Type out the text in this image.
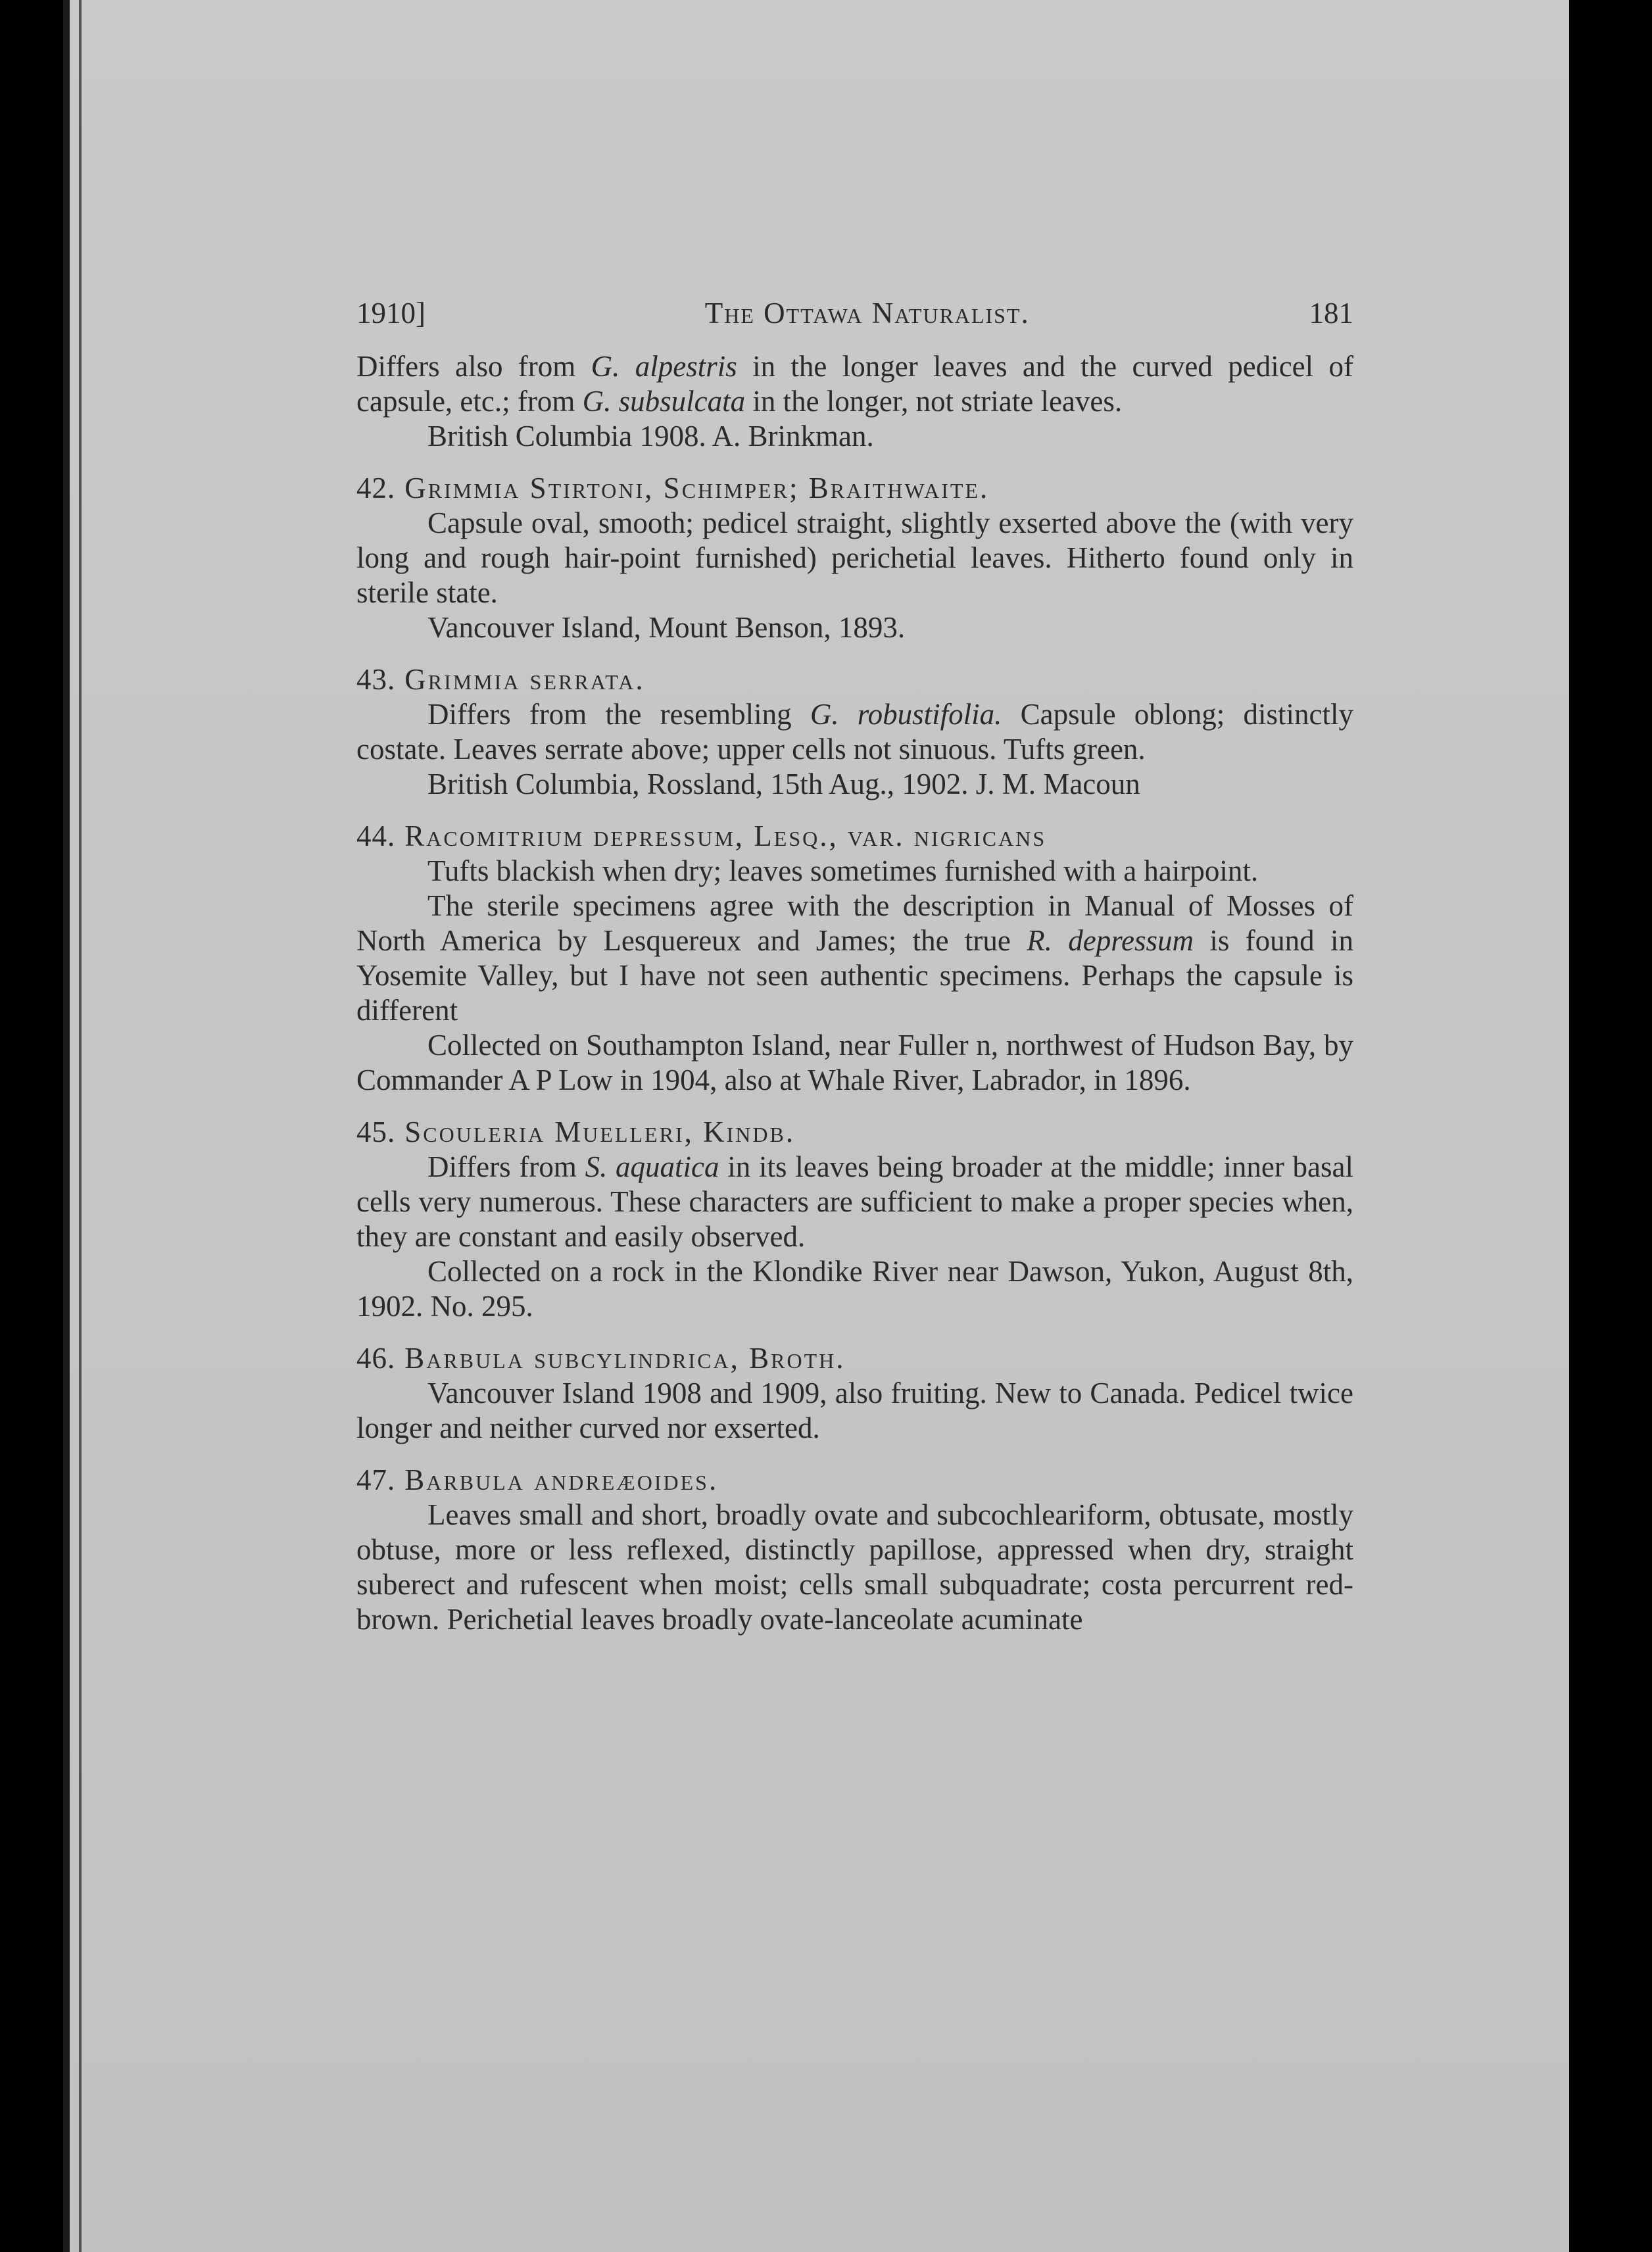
1910]	The Ottawa Naturalist.	181

Differs also from G. alpestris in the longer leaves and the curved pedicel of capsule, etc.; from G. subsulcata in the longer, not striate leaves.

British Columbia 1908. A. Brinkman.

42. Grimmia Stirtoni, Schimper; Braithwaite.

Capsule oval, smooth; pedicel straight, slightly exserted above the (with very long and rough hair-point furnished) perichetial leaves. Hitherto found only in sterile state.

Vancouver Island, Mount Benson, 1893.

43. Grimmia serrata.

Differs from the resembling G. robustifolia. Capsule oblong; distinctly costate. Leaves serrate above; upper cells not sinuous. Tufts green.

British Columbia, Rossland, 15th Aug., 1902. J. M. Macoun

44. Racomitrium depressum, Lesq., var. nigricans

Tufts blackish when dry; leaves sometimes furnished with a hairpoint.

The sterile specimens agree with the description in Manual of Mosses of North America by Lesquereux and James; the true R. depressum is found in Yosemite Valley, but I have not seen authentic specimens. Perhaps the capsule is different

Collected on Southampton Island, near Fuller n, northwest of Hudson Bay, by Commander A P Low in 1904, also at Whale River, Labrador, in 1896.

45. Scouleria Muelleri, Kindb.

Differs from S. aquatica in its leaves being broader at the middle; inner basal cells very numerous. These characters are sufficient to make a proper species when, they are constant and easily observed.

Collected on a rock in the Klondike River near Dawson, Yukon, August 8th, 1902. No. 295.

46. Barbula subcylindrica, Broth.

Vancouver Island 1908 and 1909, also fruiting. New to Canada. Pedicel twice longer and neither curved nor exserted.

47. Barbula andreæoides.

Leaves small and short, broadly ovate and subcochleariform, obtusate, mostly obtuse, more or less reflexed, distinctly papillose, appressed when dry, straight suberect and rufescent when moist; cells small subquadrate; costa percurrent red-brown. Perichetial leaves broadly ovate-lanceolate acuminate
